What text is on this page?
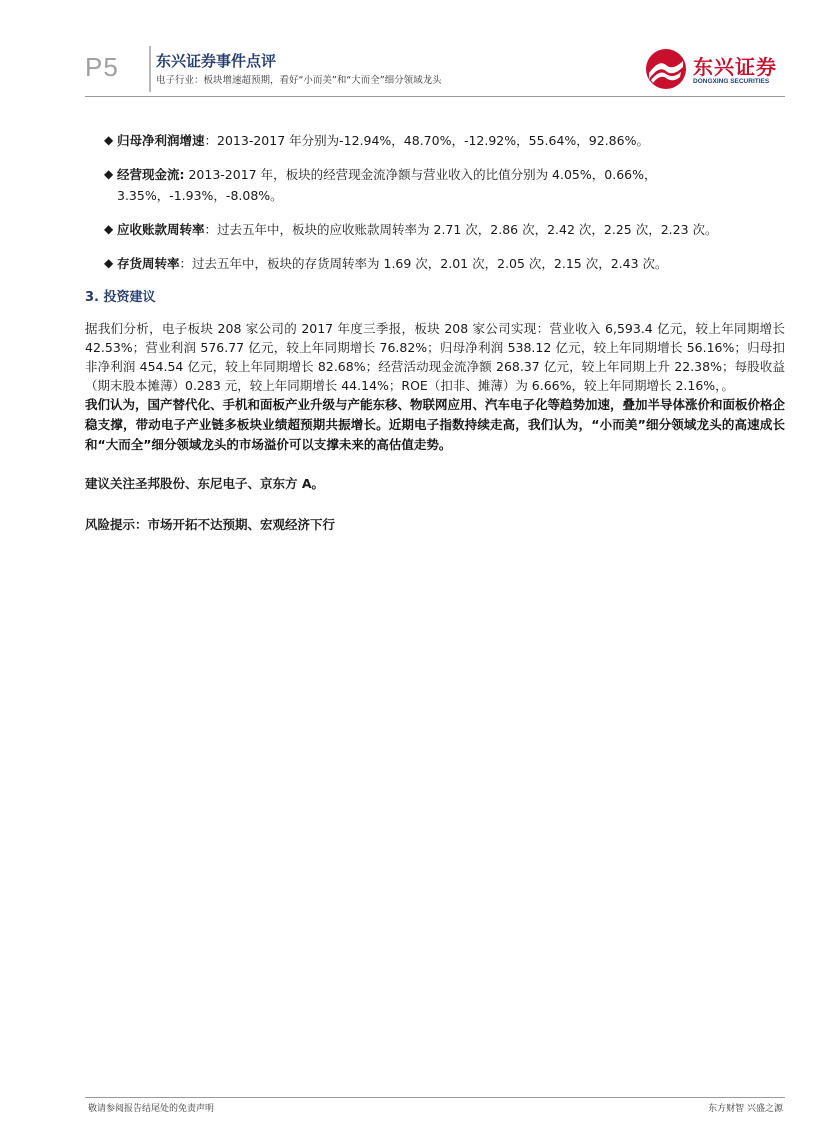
P5 东兴证券事件点评
电子行业：板块增速超预期，看好“小而美”和“大而全”细分领域龙头
东兴证券
DONGXING SECURITIES
◆ 归母净利润增速：2013-2017 年分别为-12.94%，48.70%，-12.92%，55.64%，92.86%。
◆ 经营现金流: 2013-2017 年，板块的经营现金流净额与营业收入的比值分别为 4.05%，0.66%，3.35%，-1.93%，-8.08%。
◆ 应收账款周转率：过去五年中，板块的应收账款周转率为 2.71 次，2.86 次，2.42 次，2.25 次，2.23 次。
◆ 存货周转率：过去五年中，板块的存货周转率为 1.69 次，2.01 次，2.05 次，2.15 次，2.43 次。
3. 投资建议
据我们分析，电子板块 208 家公司的 2017 年度三季报，板块 208 家公司实现：营业收入 6,593.4 亿元，较上年同期增长 42.53%；营业利润 576.77 亿元，较上年同期增长 76.82%；归母净利润 538.12 亿元，较上年同期增长 56.16%；归母扣非净利润 454.54 亿元，较上年同期增长 82.68%；经营活动现金流净额 268.37 亿元，较上年同期上升 22.38%；每股收益（期末股本摊薄）0.283 元，较上年同期增长 44.14%；ROE（扣非、摊薄）为 6.66%，较上年同期增长 2.16%，。
我们认为，国产替代化、手机和面板产业升级与产能东移、物联网应用、汽车电子化等趋势加速，叠加半导体涨价和面板价格企稳支撑，带动电子产业链多板块业绩超预期共振增长。近期电子指数持续走高，我们认为，“小而美”细分领域龙头的高速成长和“大而全”细分领域龙头的市场溢价可以支撑未来的高估值走势。
建议关注圣邦股份、东尼电子、京东方 A。
风险提示：市场开拓不达预期、宏观经济下行
敬请参阅报告结尾处的免责声明	东方财智 兴盛之源
